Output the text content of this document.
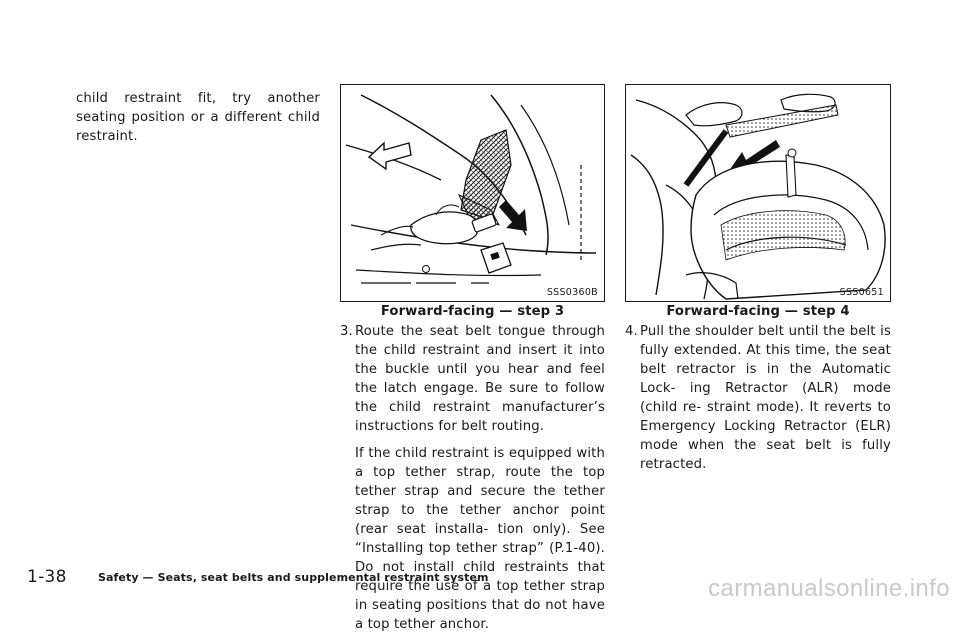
child restraint fit, try another seating position or a different child restraint.

SSS0360B
Forward-facing — step 3
SSS0651
Forward-facing — step 4
3. Route the seat belt tongue through the child restraint and insert it into the buckle until you hear and feel the latch engage. Be sure to follow the child restraint manufacturer’s instructions for belt routing.

If the child restraint is equipped with a top tether strap, route the top tether strap and secure the tether strap to the tether anchor point (rear seat installa- tion only). See “Installing top tether strap” (P.1-40). Do not install child restraints that require the use of a top tether strap in seating positions that do not have a top tether anchor.

4. Pull the shoulder belt until the belt is fully extended. At this time, the seat belt retractor is in the Automatic Lock- ing Retractor (ALR) mode (child re- straint mode). It reverts to Emergency Locking Retractor (ELR) mode when the seat belt is fully retracted.

1-38	Safety — Seats, seat belts and supplemental restraint system	carmanualsonline.info
